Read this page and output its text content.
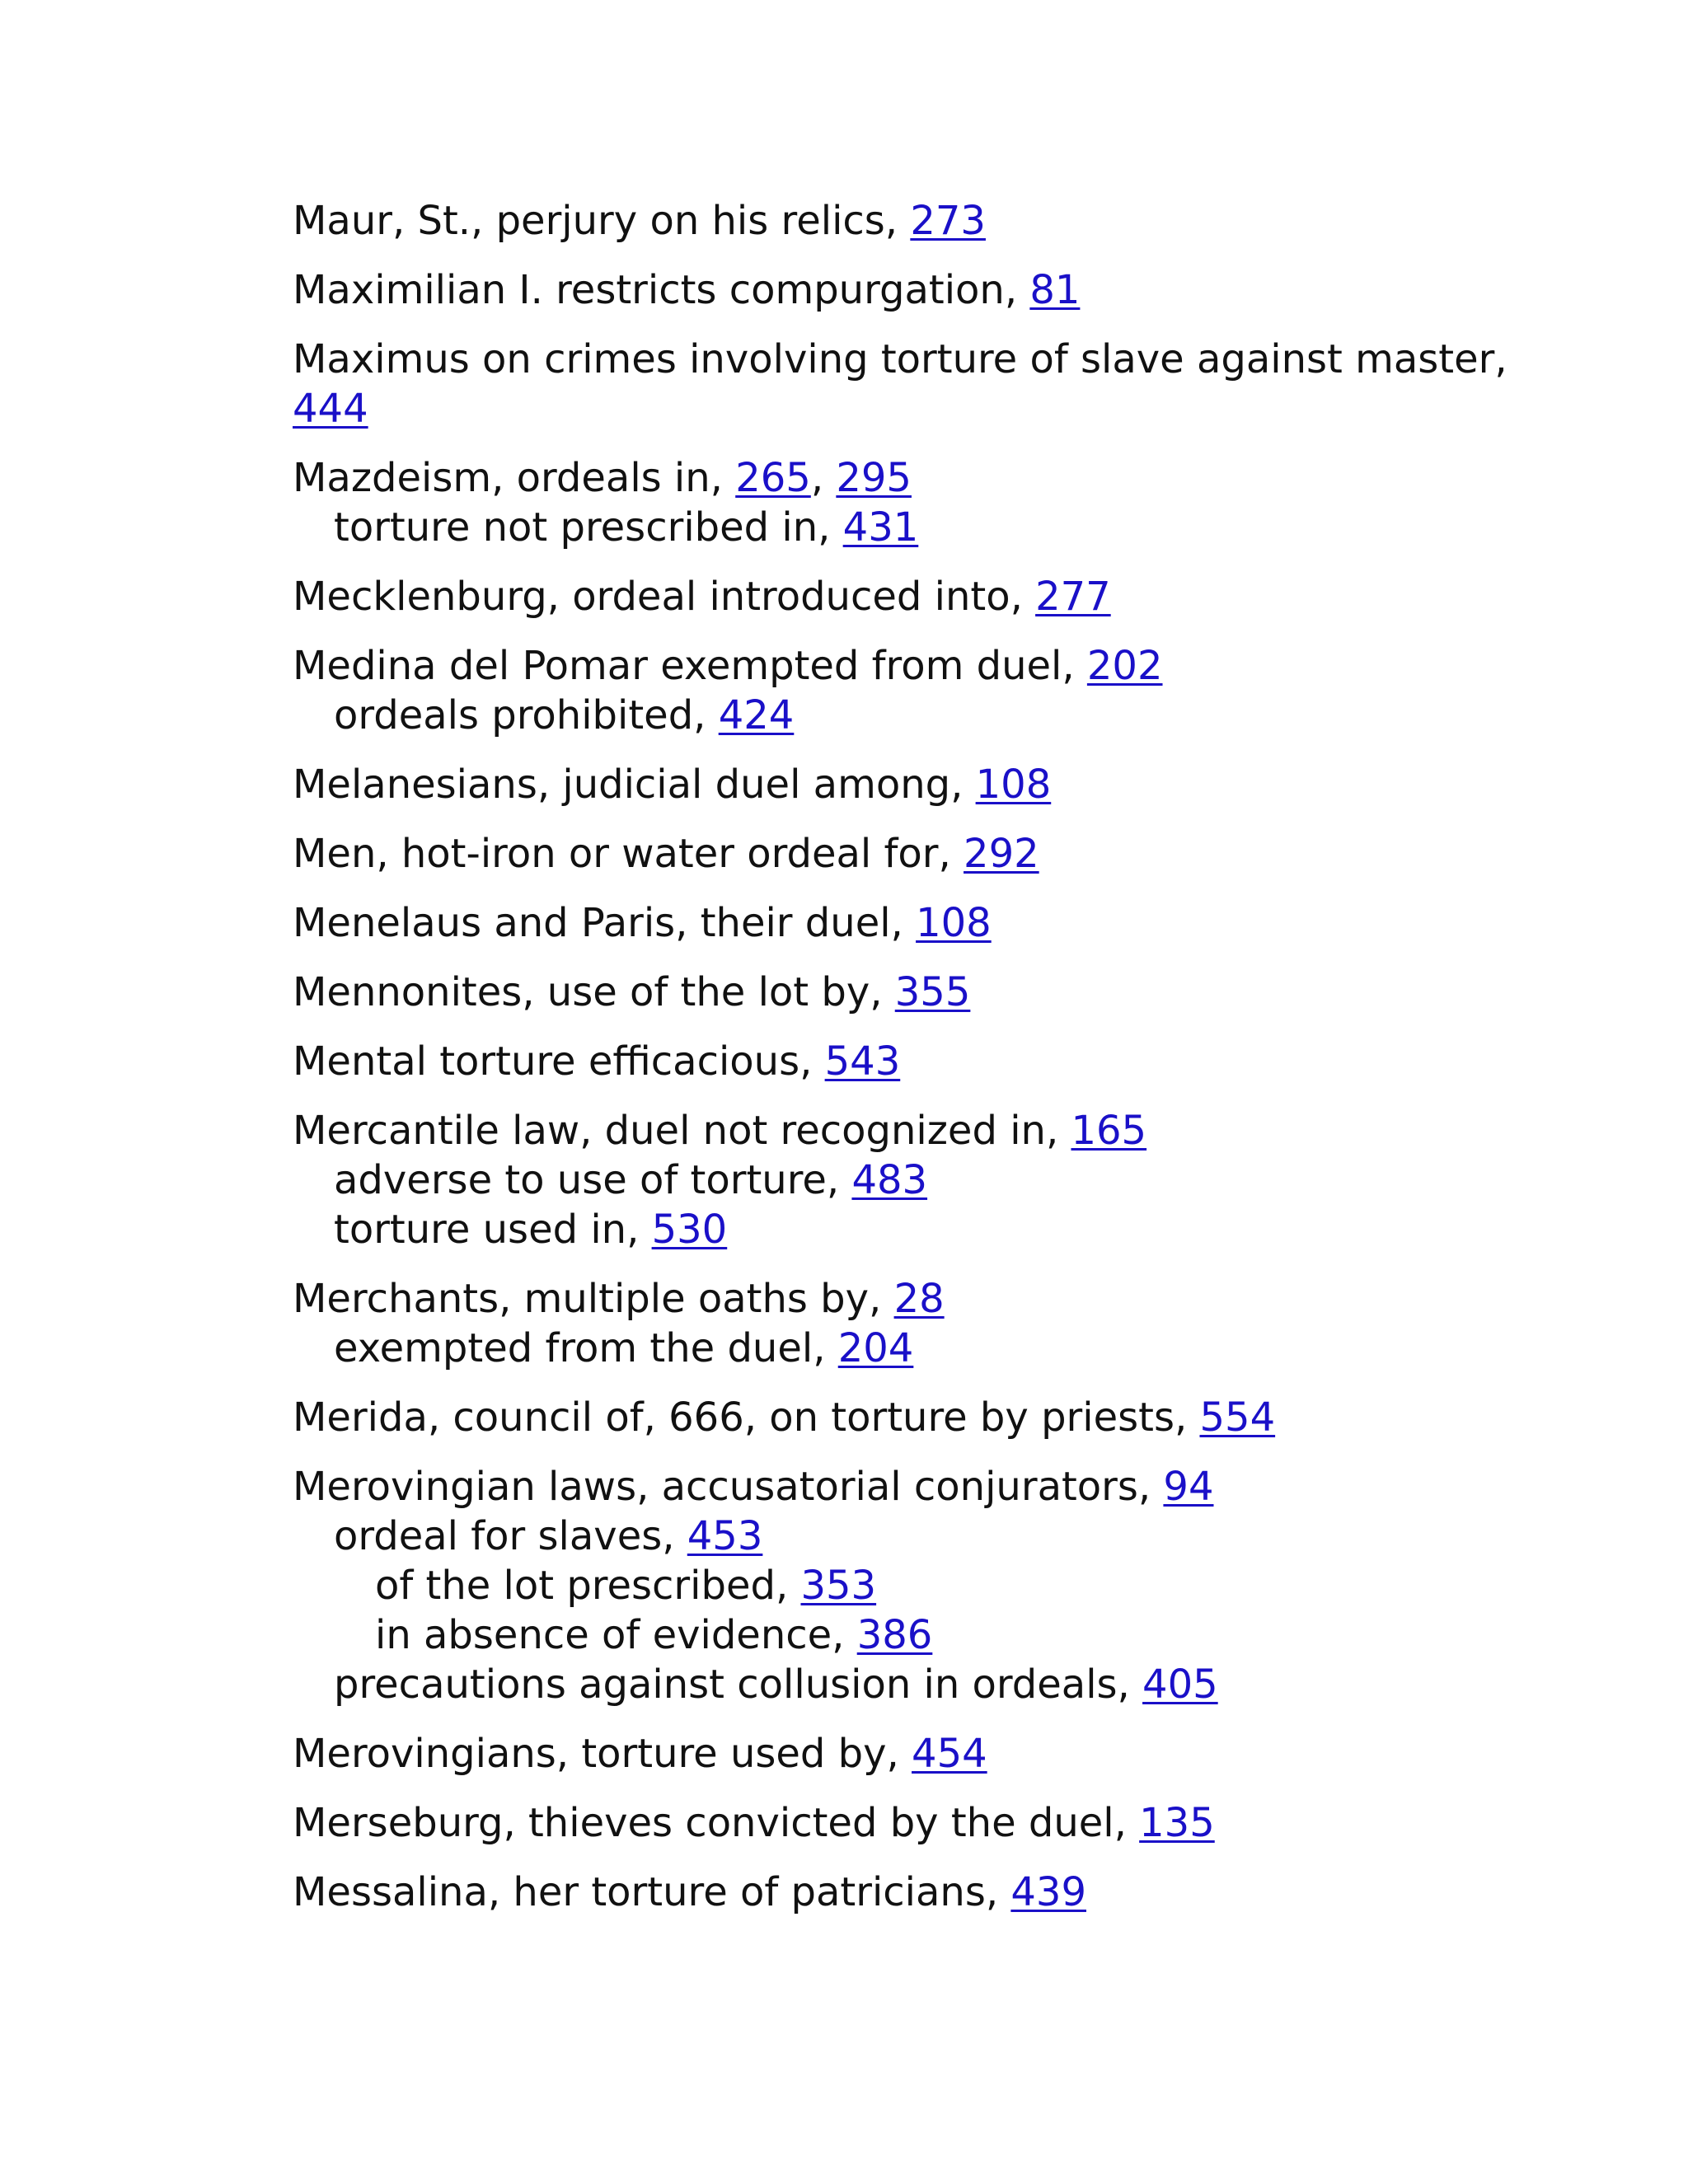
Maur, St., perjury on his relics, 273
Maximilian I. restricts compurgation, 81
Maximus on crimes involving torture of slave against master, 444
Mazdeism, ordeals in, 265, 295
torture not prescribed in, 431
Mecklenburg, ordeal introduced into, 277
Medina del Pomar exempted from duel, 202
ordeals prohibited, 424
Melanesians, judicial duel among, 108
Men, hot-iron or water ordeal for, 292
Menelaus and Paris, their duel, 108
Mennonites, use of the lot by, 355
Mental torture efficacious, 543
Mercantile law, duel not recognized in, 165
adverse to use of torture, 483
torture used in, 530
Merchants, multiple oaths by, 28
exempted from the duel, 204
Merida, council of, 666, on torture by priests, 554
Merovingian laws, accusatorial conjurators, 94
ordeal for slaves, 453
of the lot prescribed, 353
in absence of evidence, 386
precautions against collusion in ordeals, 405
Merovingians, torture used by, 454
Merseburg, thieves convicted by the duel, 135
Messalina, her torture of patricians, 439
